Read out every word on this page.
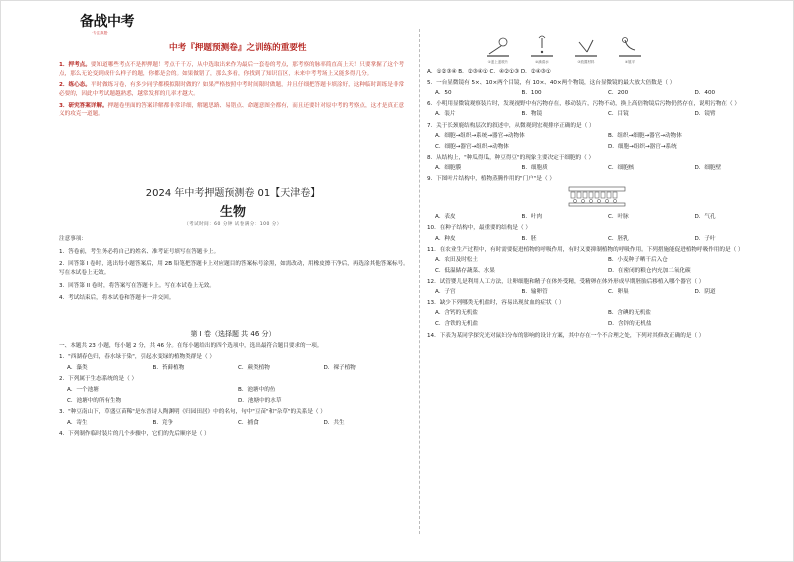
备战中考
·专注真题·
中考『押题预测卷』之训练的重要性

1．押考点。要知道哪些考点不是押押题！考点千千万，从中选取出来作为最后一套卷的考点，那考察的脉率简直高上天！只要掌握了这个考点，那么无论变到成什么样子的题，你都是会的。如果做错了，那么多看，你找到了知识盲区，未来中考考场上又能多得几分。

2．练心态。平时做练习卷，有多少同学都模拟限时做的？如果严格按照中考时间限时做题，并且仔细把答题卡填涂好，这种临时训练是非常必要的，因此中考试题越熟悉，越常发挥的几率才越大。

3．研究答案详解。押题卷里面的答案详解都非常详细，解题思路、易错点、命题意图全都有，而且还要针对原中考的考察点，这才是真正意义的攻克一道题。

2024 年中考押题预测卷 01【天津卷】
生物
（考试时间：60 分钟 试卷满分：100 分）

注意事项：

1．答卷前，考生务必将自己的姓名、准考证号填写在答题卡上。

2．回答第 I 卷时，选出每小题答案后，用 2B 铅笔把答题卡上对应题目的答案标号涂黑，如需改动，用橡皮擦干净后，再选涂其他答案标号。写在本试卷上无效。

3．回答第 II 卷时，将答案写在答题卡上。写在本试卷上无效。

4．考试结束后，将本试卷和答题卡一并交回。

第 I 卷（选择题 共 46 分）
一、本题共 23 小题，每小题 2 分，共 46 分。在每小题给出的四个选项中，选出最符合题目要求的一项。
1．"西湖春色归，春水绿于染"，引起水变绿的植物类群是（ ）
A．藻类	B．苔藓植物	C．蕨类植物	D．裸子植物
2．下列属于生态系统的是（ ）
A．一个池塘	B．池塘中的鱼
C．池塘中的所有生物	D．池塘中的水草
3．"种豆南山下，草盛豆苗稀"是东晋诗人陶渊明《归园田居》中的名句，句中"豆苗"和"杂草"的关系是（ ）
A．寄生	B．竞争	C．捕食	D．共生
4．下列制作临时装片的几个步骤中，它们的先后顺序是（ ）
①盖上盖玻片	②滴清水	③放置材料	④展平
A．①②③④ B．②③④① C．④②①③ D．②④③①
5．一台显微镜有 5×、10×两个目镜，有 10×、40×两个物镜，这台显微镜的最大放大倍数是（ ）
A．50	B．100	C．200	D．400
6．小明用显微镜观察装片时，发现视野中有污物存在，移动装片，污物不动，换上高倍物镜后污物仍然存在，说明污物在（ ）
A．装片	B．物镜	C．目镜	D．镜臂
7．关于长颈鹿结构层次的叙述中，从微观到宏观排序正确的是（ ）
A．细胞→组织→系统→器官→动物体	B．组织→细胞→器官→动物体
C．细胞→器官→组织→动物体	D．细胞→组织→器官→系统
8．从结构上，"种瓜得瓜，种豆得豆"的现象主要决定于细胞的（ ）
A．细胞膜	B．细胞质	C．细胞核	D．细胞壁
9．下图叶片结构中，植物蒸腾作用的"门户"是（ ）
A．表皮	B．叶肉	C．叶脉	D．气孔
10．在种子结构中，最重要的结构是（ ）
A．种皮	B．胚	C．胚乳	D．子叶
11．在农业生产过程中，有时需要促进植物的呼吸作用，有时又要抑制植物的呼吸作用。下列措施能促进植物呼吸作用的是（ ）
A．农田及时松土	B．小麦种子晒干后入仓
C．低温储存蔬菜、水果	D．在密闭的粮仓内充加二氧化碳
12．试管婴儿是利用人工方法，让卵细胞和精子在体外受精，受精卵在体外形成早期胚胎后移植入哪个器官（ ）
A．子宫	B．输卵管	C．卵巢	D．阴道
13．缺少下列哪类无机盐时，容易出现贫血的症状（ ）
A．含钙的无机盐	B．含碘的无机盐
C．含铁的无机盐	D．含锌的无机盐
14．下表为某同学探究光对鼠妇分布的影响的设计方案，其中存在一个不合理之处，下列对其修改正确的是（ ）
